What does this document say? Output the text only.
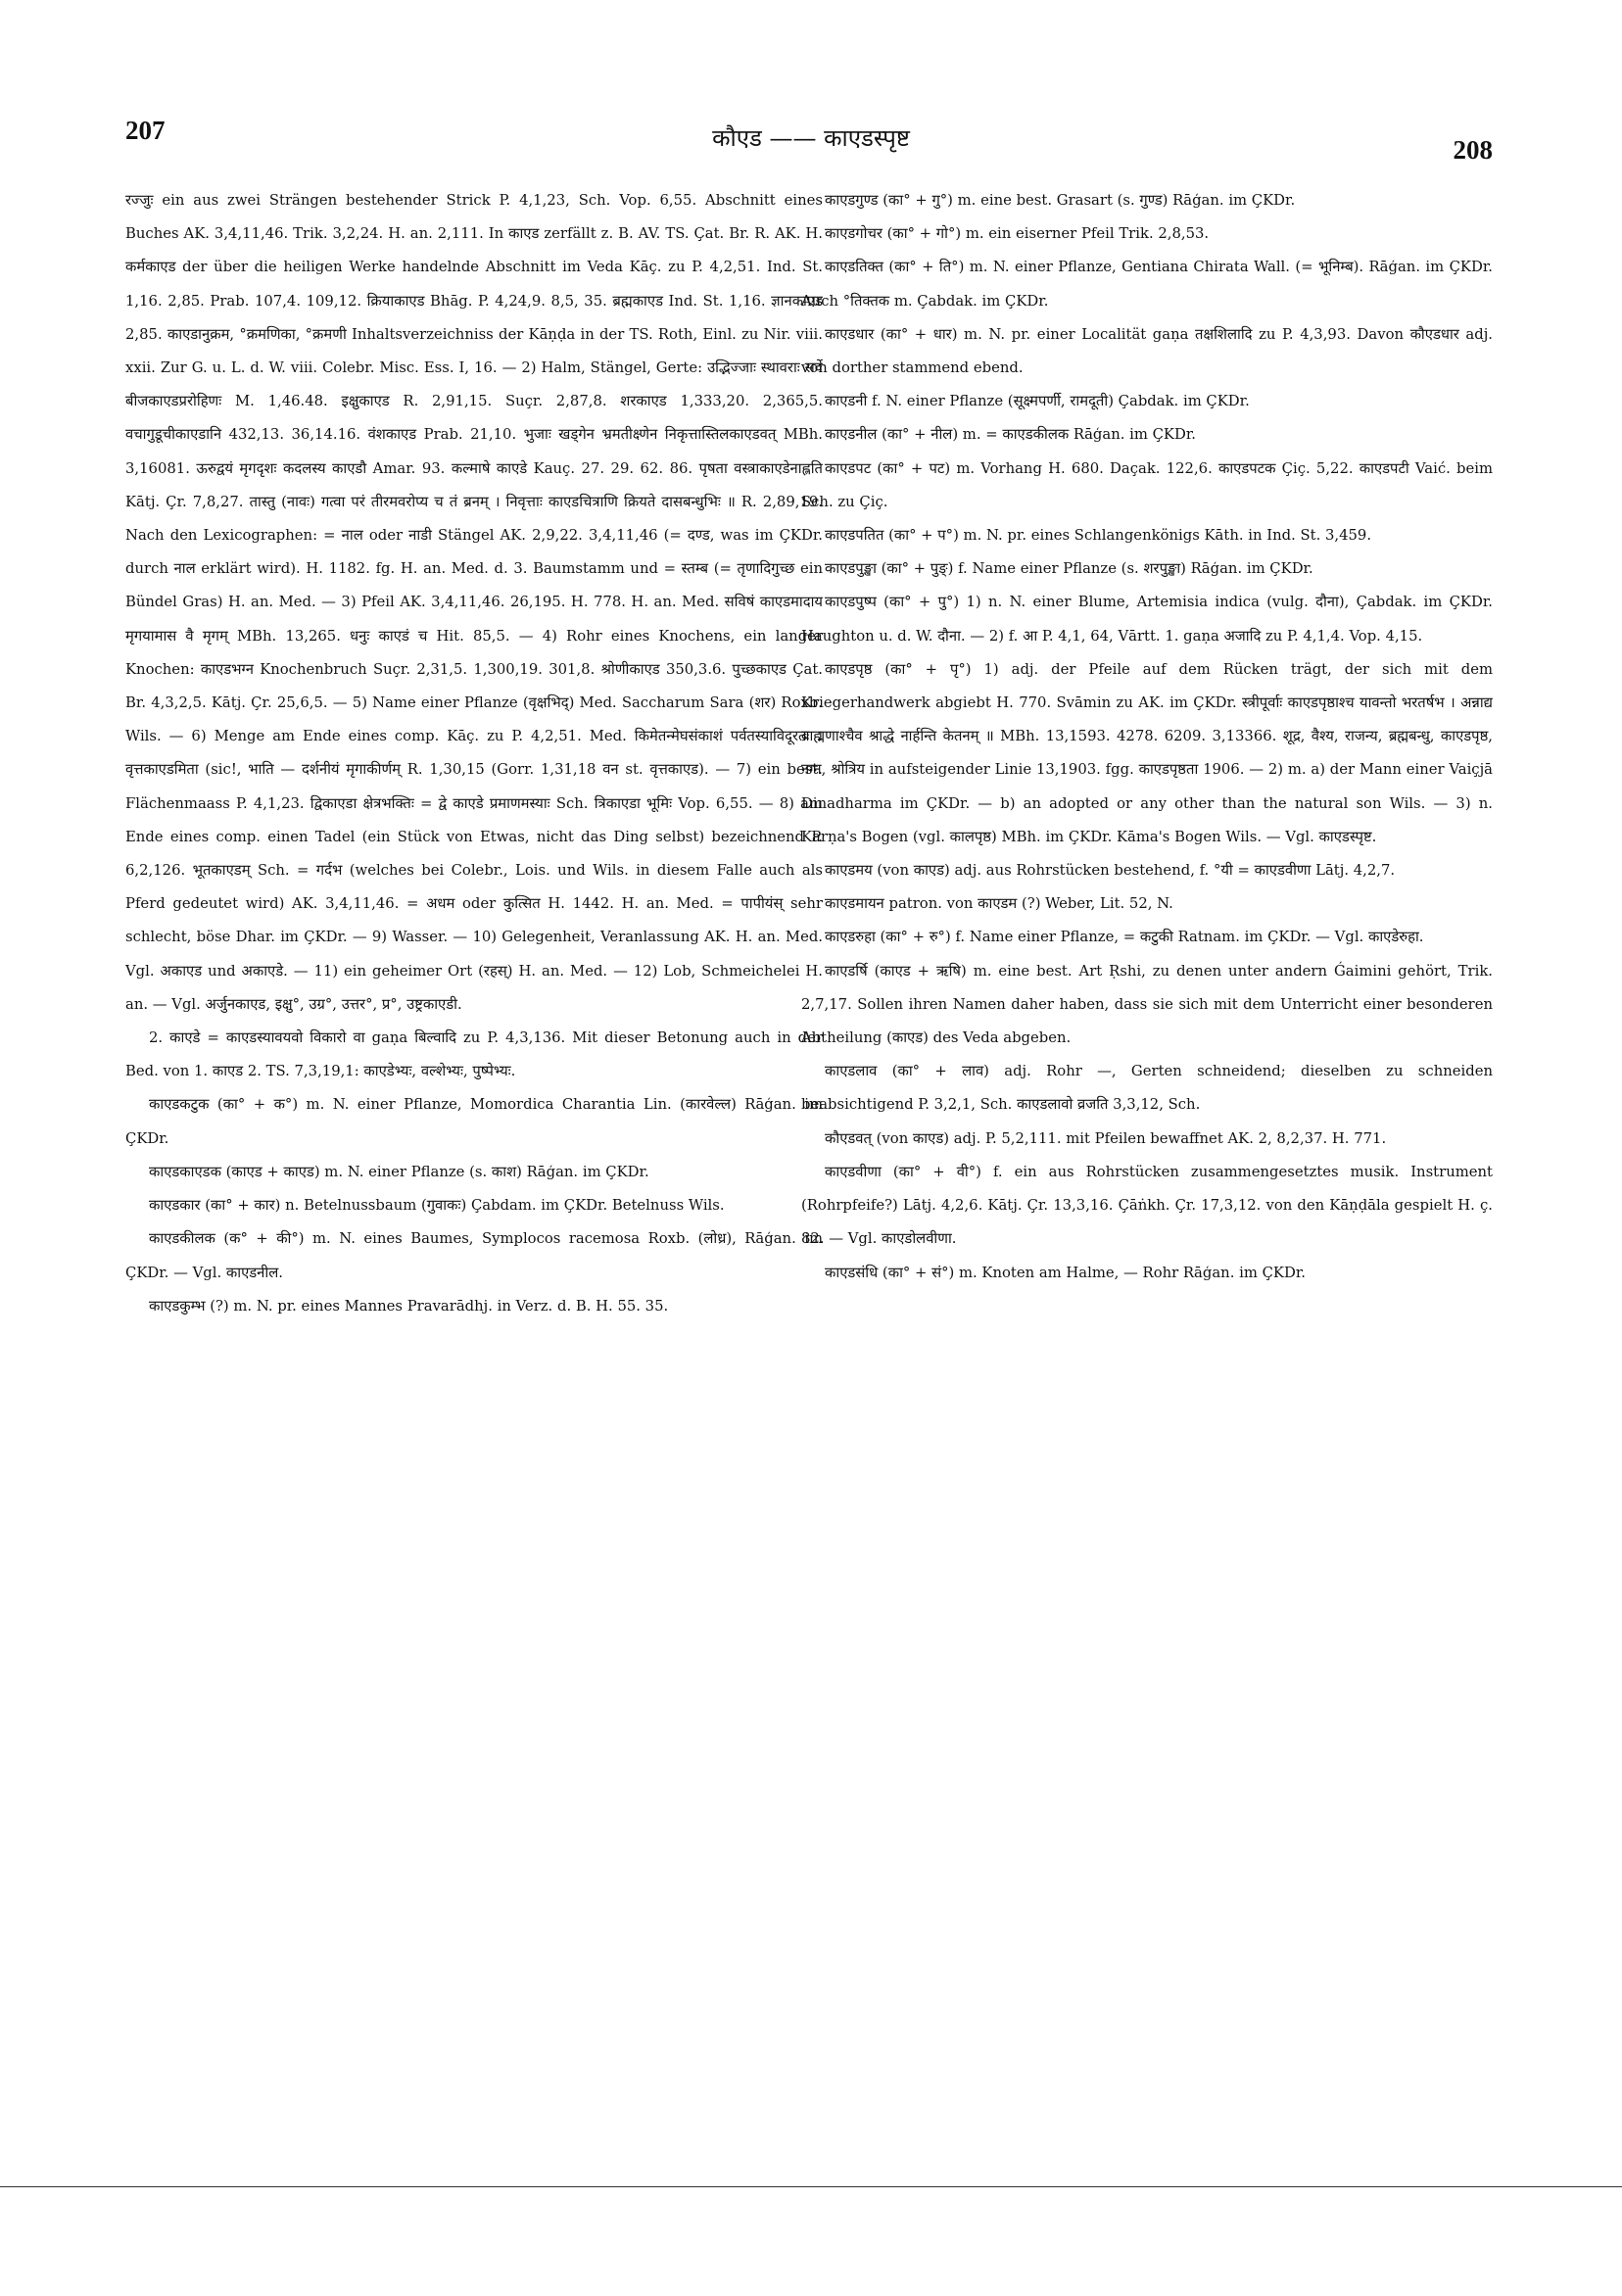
207	कौएड —— काएडस्पृष्ट	208

रज्जुः ein aus zwei Strängen bestehender Strick P. 4,1,23, Sch. Vop. 6,55. Abschnitt eines Buches AK. 3,4,11,46. Trik. 3,2,24. H. an. 2,111. In काएड zerfällt z. B. AV. TS. Çat. Br. R. AK. H. कर्मकाएड der über die heiligen Werke handelnde Abschnitt im Veda Kāç. zu P. 4,2,51. Ind. St. 1,16. 2,85. Prab. 107,4. 109,12. क्रियाकाएड Bhāg. P. 4,24,9. 8,5, 35. ब्रह्मकाएड Ind. St. 1,16. ज्ञानकाएड 2,85. काएडानुक्रम, °क्रमणिका, °क्रमणी Inhaltsverzeichniss der Kāṇḍa in der TS. Roth, Einl. zu Nir. viii. xxii. Zur G. u. L. d. W. viii. Colebr. Misc. Ess. I, 16. — 2) Halm, Stängel, Gerte: उद्भिज्जाः स्थावराः सर्वे बीजकाएडप्ररोहिणः M. 1,46.48. इक्षुकाएड R. 2,91,15. Suçr. 2,87,8. शरकाएड 1,333,20. 2,365,5. वचागुडूचीकाएडानि 432,13. 36,14.16. वंशकाएड Prab. 21,10. भुजाः खड्गेन भ्रमतीक्ष्णेन निकृत्तास्तिलकाएडवत् MBh. 3,16081. ऊरुद्वयं मृगदृशः कदलस्य काएडौ Amar. 93. कल्माषे काएडे Kauç. 27. 29. 62. 86. पृषता वस्त्राकाएडेनाह्लति Kātj. Çr. 7,8,27. तास्तु (नावः) गत्वा परं तीरमवरोप्य च तं ब्रनम् । निवृत्ताः काएडचित्राणि क्रियते दासबन्धुभिः ॥ R. 2,89,19. Nach den Lexicographen: = नाल oder नाडी Stängel AK. 2,9,22. 3,4,11,46 (= दण्ड, was im ÇKDr. durch नाल erklärt wird). H. 1182. fg. H. an. Med. d. 3. Baumstamm und = स्तम्ब (= तृणादिगुच्छ ein Bündel Gras) H. an. Med. — 3) Pfeil AK. 3,4,11,46. 26,195. H. 778. H. an. Med. सविषं काएडमादाय मृगयामास वै मृगम् MBh. 13,265. धनुः काएडं च Hit. 85,5. — 4) Rohr eines Knochens, ein langer Knochen: काएडभग्न Knochenbruch Suçr. 2,31,5. 1,300,19. 301,8. श्रोणीकाएड 350,3.6. पुच्छकाएड Çat. Br. 4,3,2,5. Kātj. Çr. 25,6,5. — 5) Name einer Pflanze (वृक्षभिद्) Med. Saccharum Sara (शर) Roxb. Wils. — 6) Menge am Ende eines comp. Kāç. zu P. 4,2,51. Med. किमेतन्मेघसंकाशं पर्वतस्याविदूरतः । वृत्तकाएडमिता (sic!, भाति — दर्शनीयं मृगाकीर्णम् R. 1,30,15 (Gorr. 1,31,18 वन st. वृत्तकाएड). — 7) ein best. Flächenmaass P. 4,1,23. द्विकाएडा क्षेत्रभक्तिः = द्वे काएडे प्रमाणमस्याः Sch. त्रिकाएडा भूमिः Vop. 6,55. — 8) am Ende eines comp. einen Tadel (ein Stück von Etwas, nicht das Ding selbst) bezeichnend P. 6,2,126. भूतकाएडम् Sch. = गर्दभ (welches bei Colebr., Lois. und Wils. in diesem Falle auch als Pferd gedeutet wird) AK. 3,4,11,46. = अधम oder कुत्सित H. 1442. H. an. Med. = पापीयंस् sehr schlecht, böse Dhar. im ÇKDr. — 9) Wasser. — 10) Gelegenheit, Veranlassung AK. H. an. Med. Vgl. अकाएड und अकाएडे. — 11) ein geheimer Ort (रहस्) H. an. Med. — 12) Lob, Schmeichelei H. an. — Vgl. अर्जुनकाएड, इक्षु°, उग्र°, उत्तर°, प्र°, उष्ट्रकाएडी.

2. काएडे = काएडस्यावयवो विकारो वा gaṇa बिल्वादि zu P. 4,3,136. Mit dieser Betonung auch in der Bed. von 1. काएड 2. TS. 7,3,19,1: काएडेभ्यः, वल्शेभ्यः, पुष्पेभ्यः.

काएडकटुक (का° + क°) m. N. einer Pflanze, Momordica Charantia Lin. (कारवेल्ल) Rāģan. im ÇKDr.

काएडकाएडक (काएड + काएड) m. N. einer Pflanze (s. काश) Rāģan. im ÇKDr.

काएडकार (का° + कार) n. Betelnussbaum (गुवाकः) Çabdam. im ÇKDr. Betelnuss Wils.

काएडकीलक (क° + की°) m. N. eines Baumes, Symplocos racemosa Roxb. (लोध्र), Rāģan. im ÇKDr. — Vgl. काएडनील.

काएडकुम्भ (?) m. N. pr. eines Mannes Pravarādhj. in Verz. d. B. H. 55. 35.

काएडगुण्ड (का° + गु°) m. eine best. Grasart (s. गुण्ड) Rāģan. im ÇKDr.

काएडगोचर (का° + गो°) m. ein eiserner Pfeil Trik. 2,8,53.

काएडतिक्त (का° + ति°) m. N. einer Pflanze, Gentiana Chirata Wall. (= भूनिम्ब). Rāģan. im ÇKDr. Auch °तिक्तक m. Çabdak. im ÇKDr.

काएडधार (का° + धार) m. N. pr. einer Localität gaṇa तक्षशिलादि zu P. 4,3,93. Davon कौएडधार adj. von dorther stammend ebend.

काएडनी f. N. einer Pflanze (सूक्ष्मपर्णी, रामदूती) Çabdak. im ÇKDr.

काएडनील (का° + नील) m. = काएडकीलक Rāģan. im ÇKDr.

काएडपट (का° + पट) m. Vorhang H. 680. Daçak. 122,6. काएडपटक Çiç. 5,22. काएडपटी Vaić. beim Sch. zu Çiç.

काएडपतित (का° + प°) m. N. pr. eines Schlangenkönigs Kāth. in Ind. St. 3,459.

काएडपुङ्खा (का° + पुङ्) f. Name einer Pflanze (s. शरपुङ्खा) Rāģan. im ÇKDr.

काएडपुष्प (का° + पु°) 1) n. N. einer Blume, Artemisia indica (vulg. दौना), Çabdak. im ÇKDr. Haughton u. d. W. दौना. — 2) f. आ P. 4,1, 64, Vārtt. 1. gaṇa अजादि zu P. 4,1,4. Vop. 4,15.

काएडपृष्ठ (का° + पृ°) 1) adj. der Pfeile auf dem Rücken trägt, der sich mit dem Kriegerhandwerk abgiebt H. 770. Svāmin zu AK. im ÇKDr. स्त्रीपूर्वाः काएडपृष्ठाश्च यावन्तो भरतर्षभ । अन्नाद्य ब्राह्मणाश्चैव श्राद्धे नार्हन्ति केतनम् ॥ MBh. 13,1593. 4278. 6209. 3,13366. शूद्र, वैश्य, राजन्य, ब्रह्मबन्धु, काएडपृष्ठ, नग्न, श्रोत्रिय in aufsteigender Linie 13,1903. fgg. काएडपृष्ठता 1906. — 2) m. a) der Mann einer Vaiçjā Dinadharma im ÇKDr. — b) an adopted or any other than the natural son Wils. — 3) n. Karṇa's Bogen (vgl. कालपृष्ठ) MBh. im ÇKDr. Kāma's Bogen Wils. — Vgl. काएडस्पृष्ट.

काएडमय (von काएड) adj. aus Rohrstücken bestehend, f. °यी = काएडवीणा Lātj. 4,2,7.

काएडमायन patron. von काएडम (?) Weber, Lit. 52, N.

काएडरुहा (का° + रु°) f. Name einer Pflanze, = कटुकी Ratnam. im ÇKDr. — Vgl. काएडेरुहा.

काएडर्षि (काएड + ऋषि) m. eine best. Art Ṛshi, zu denen unter andern Ǵaimini gehört, Trik. 2,7,17. Sollen ihren Namen daher haben, dass sie sich mit dem Unterricht einer besonderen Abtheilung (काएड) des Veda abgeben.

काएडलाव (का° + लाव) adj. Rohr —, Gerten schneidend; dieselben zu schneiden beabsichtigend P. 3,2,1, Sch. काएडलावो व्रजति 3,3,12, Sch.

कौएडवत् (von काएड) adj. P. 5,2,111. mit Pfeilen bewaffnet AK. 2, 8,2,37. H. 771.

काएडवीणा (का° + वी°) f. ein aus Rohrstücken zusammengesetztes musik. Instrument (Rohrpfeife?) Lātj. 4,2,6. Kātj. Çr. 13,3,16. Çāṅkh. Çr. 17,3,12. von den Kāṇḍāla gespielt H. ç. 82. — Vgl. काएडोलवीणा.

काएडसंधि (का° + सं°) m. Knoten am Halme, — Rohr Rāģan. im ÇKDr.
